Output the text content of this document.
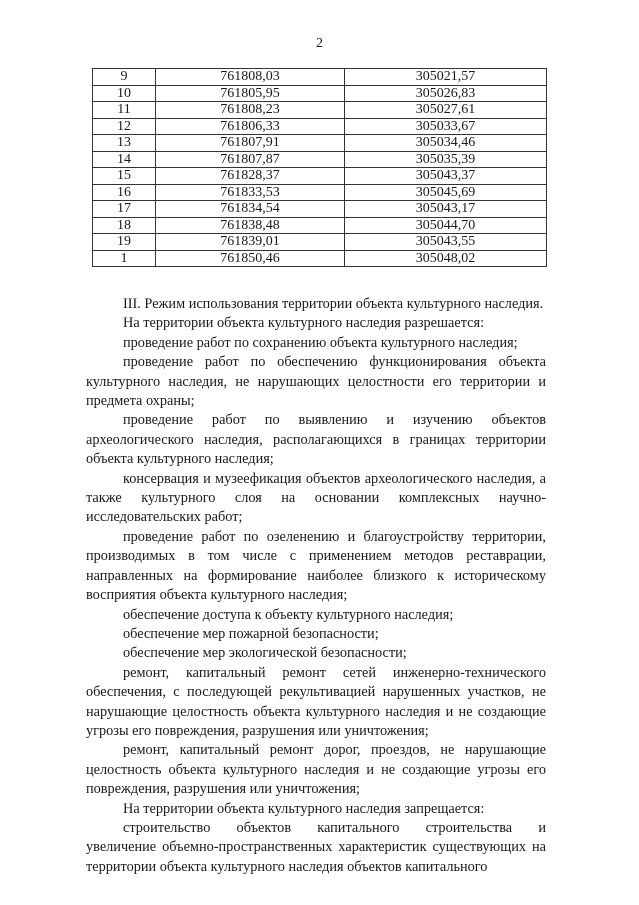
2
9	761808,03	305021,57
10	761805,95	305026,83
11	761808,23	305027,61
12	761806,33	305033,67
13	761807,91	305034,46
14	761807,87	305035,39
15	761828,37	305043,37
16	761833,53	305045,69
17	761834,54	305043,17
18	761838,48	305044,70
19	761839,01	305043,55
1	761850,46	305048,02

III. Режим использования территории объекта культурного наследия.

На территории объекта культурного наследия разрешается:

проведение работ по сохранению объекта культурного наследия;

проведение работ по обеспечению функционирования объекта культурного наследия, не нарушающих целостности его территории и предмета охраны;

проведение работ по выявлению и изучению объектов археологического наследия, располагающихся в границах территории объекта культурного наследия;

консервация и музеефикация объектов археологического наследия, а также культурного слоя на основании комплексных научно-исследовательских работ;

проведение работ по озеленению и благоустройству территории, производимых в том числе с применением методов реставрации, направленных на формирование наиболее близкого к историческому восприятия объекта культурного наследия;

обеспечение доступа к объекту культурного наследия;

обеспечение мер пожарной безопасности;

обеспечение мер экологической безопасности;

ремонт, капитальный ремонт сетей инженерно-технического обеспечения, с последующей рекультивацией нарушенных участков, не нарушающие целостность объекта культурного наследия и не создающие угрозы его повреждения, разрушения или уничтожения;

ремонт, капитальный ремонт дорог, проездов, не нарушающие целостность объекта культурного наследия и не создающие угрозы его повреждения, разрушения или уничтожения;

На территории объекта культурного наследия запрещается:

строительство объектов капитального строительства и

увеличение объемно-пространственных характеристик существующих на территории объекта культурного наследия объектов капитального
